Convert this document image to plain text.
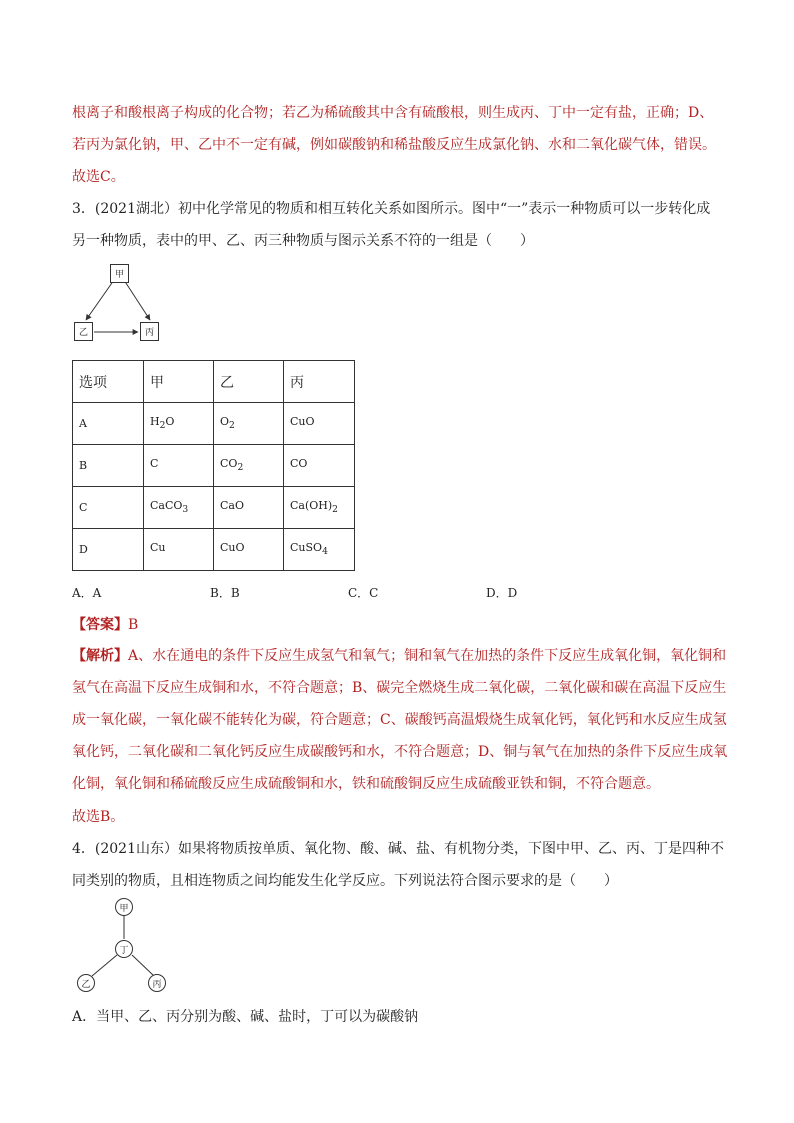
根离子和酸根离子构成的化合物；若乙为稀硫酸其中含有硫酸根，则生成丙、丁中一定有盐，正确；D、
若丙为氯化钠，甲、乙中不一定有碱，例如碳酸钠和稀盐酸反应生成氯化钠、水和二氧化碳气体，错误。
故选C。
3．(2021湖北）初中化学常见的物质和相互转化关系如图所示。图中“一”表示一种物质可以一步转化成
另一种物质，表中的甲、乙、丙三种物质与图示关系不符的一组是（　　）
甲
乙	丙
选项	甲	乙	丙
A	$H_2O$	$O_2$	CuO
B	C	$CO_2$	CO
C	CaCO$_3$	CaO	$Ca(OH)_2$
D	Cu	CuO	CuSO$_4$
A．A	B．B	C．C	D．D
【答案】B

【解析】A、水在通电的条件下反应生成氢气和氧气；铜和氧气在加热的条件下反应生成氧化铜，氧化铜和氢气在高温下反应生成铜和水，不符合题意；B、碳完全燃烧生成二氧化碳，二氧化碳和碳在高温下反应生成一氧化碳，一氧化碳不能转化为碳，符合题意；C、碳酸钙高温煅烧生成氧化钙，氧化钙和水反应生成氢氧化钙，二氧化碳和二氧化钙反应生成碳酸钙和水，不符合题意；D、铜与氧气在加热的条件下反应生成氧化铜，氧化铜和稀硫酸反应生成硫酸铜和水，铁和硫酸铜反应生成硫酸亚铁和铜，不符合题意。

故选B。
4．(2021山东）如果将物质按单质、氧化物、酸、碱、盐、有机物分类，下图中甲、乙、丙、丁是四种不
同类别的物质，且相连物质之间均能发生化学反应。下列说法符合图示要求的是（　　）
甲
丁
乙	丙
A．当甲、乙、丙分别为酸、碱、盐时，丁可以为碳酸钠
